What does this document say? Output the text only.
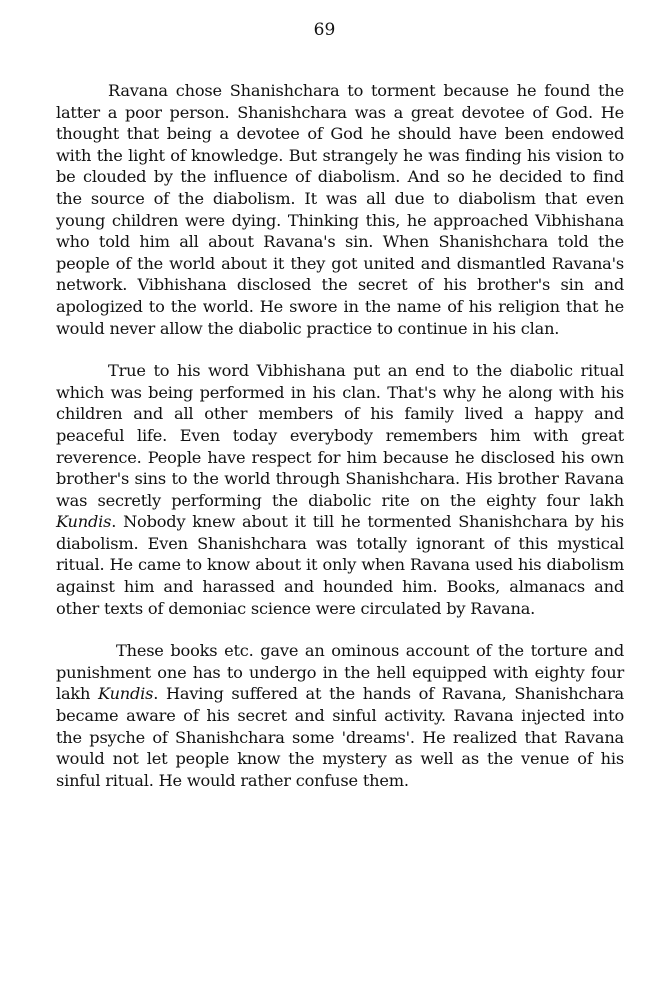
69

Ravana chose Shanishchara to torment because he found the latter a poor person. Shanishchara was a great devotee of God. He thought that being a devotee of God he should have been endowed with the light of knowledge. But strangely he was finding his vision to be clouded by the influence of diabolism. And so he decided to find the source of the diabolism. It was all due to diabolism that even young children were dying. Thinking this, he approached Vibhishana who told him all about Ravana's sin. When Shanishchara told the people of the world about it they got united and dismantled Ravana's network. Vibhishana disclosed the secret of his brother's sin and apologized to the world. He swore in the name of his religion that he would never allow the diabolic practice to continue in his clan.

True to his word Vibhishana put an end to the diabolic ritual which was being performed in his clan. That's why he along with his children and all other members of his family lived a happy and peaceful life. Even today everybody remembers him with great reverence. People have respect for him because he disclosed his own brother's sins to the world through Shanishchara. His brother Ravana was secretly performing the diabolic rite on the eighty four lakh Kundis. Nobody knew about it till he tormented Shanishchara by his diabolism. Even Shanishchara was totally ignorant of this mystical ritual. He came to know about it only when Ravana used his diabolism against him and harassed and hounded him. Books, almanacs and other texts of demoniac science were circulated by Ravana.

These books etc. gave an ominous account of the torture and punishment one has to undergo in the hell equipped with eighty four lakh Kundis. Having suffered at the hands of Ravana, Shanishchara became aware of his secret and sinful activity. Ravana injected into the psyche of Shanishchara some 'dreams'. He realized that Ravana would not let people know the mystery as well as the venue of his sinful ritual. He would rather confuse them.
